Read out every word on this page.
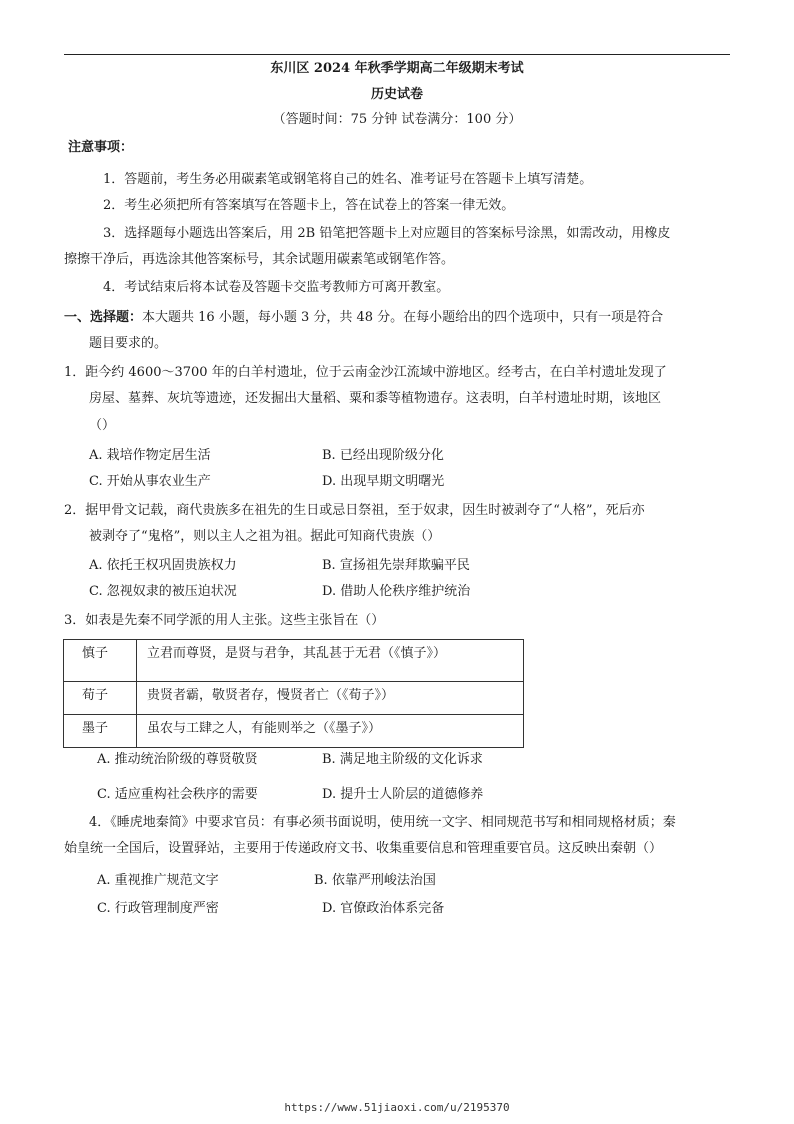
东川区 2024 年秋季学期高二年级期末考试
历史试卷
（答题时间：75 分钟 试卷满分：100 分）
注意事项：
1．答题前，考生务必用碳素笔或钢笔将自己的姓名、准考证号在答题卡上填写清楚。
2．考生必须把所有答案填写在答题卡上，答在试卷上的答案一律无效。
3．选择题每小题选出答案后，用 2B 铅笔把答题卡上对应题目的答案标号涂黑，如需改动，用橡皮
擦擦干净后，再选涂其他答案标号，其余试题用碳素笔或钢笔作答。
4．考试结束后将本试卷及答题卡交监考教师方可离开教室。
一、选择题：本大题共 16 小题，每小题 3 分，共 48 分。在每小题给出的四个选项中，只有一项是符合
题目要求的。
1．距今约 4600～3700 年的白羊村遗址，位于云南金沙江流域中游地区。经考古，在白羊村遗址发现了
房屋、墓葬、灰坑等遗迹，还发掘出大量稻、粟和黍等植物遗存。这表明，白羊村遗址时期，该地区
（）
A. 栽培作物定居生活	B. 已经出现阶级分化
C. 开始从事农业生产	D. 出现早期文明曙光
2．据甲骨文记载，商代贵族多在祖先的生日或忌日祭祖，至于奴隶，因生时被剥夺了“人格”，死后亦
被剥夺了“鬼格”，则以主人之祖为祖。据此可知商代贵族（）
A. 依托王权巩固贵族权力	B. 宣扬祖先崇拜欺骗平民
C. 忽视奴隶的被压迫状况	D. 借助人伦秩序维护统治
3．如表是先秦不同学派的用人主张。这些主张旨在（）
慎子	立君而尊贤，是贤与君争，其乱甚于无君（《慎子》）
荀子	贵贤者霸，敬贤者存，慢贤者亡（《荀子》）
墨子	虽农与工肆之人，有能则举之（《墨子》）
A. 推动统治阶级的尊贤敬贤	B. 满足地主阶级的文化诉求
C. 适应重构社会秩序的需要	D. 提升士人阶层的道德修养
4．《睡虎地秦简》中要求官员：有事必须书面说明，使用统一文字、相同规范书写和相同规格材质；秦
始皇统一全国后，设置驿站，主要用于传递政府文书、收集重要信息和管理重要官员。这反映出秦朝（）
A. 重视推广规范文字	B. 依靠严刑峻法治国
C. 行政管理制度严密	D. 官僚政治体系完备
https://www.51jiaoxi.com/u/2195370
